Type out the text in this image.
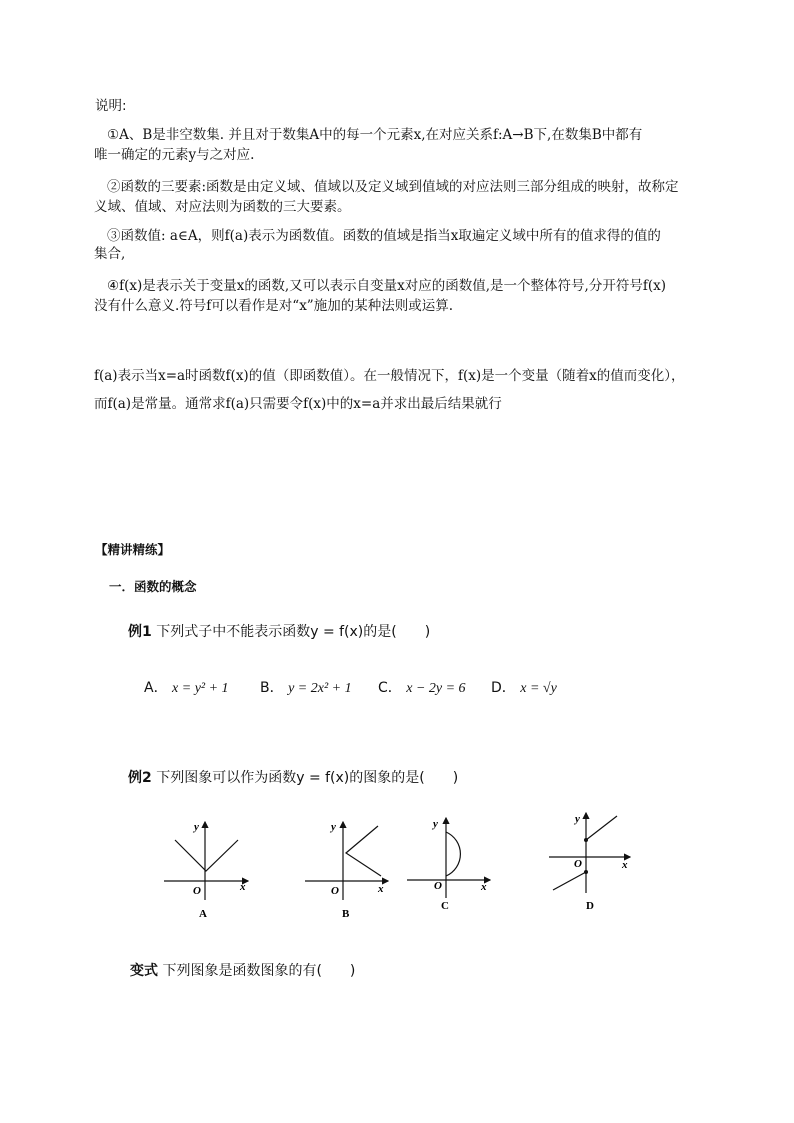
说明:
①A、B是非空数集. 并且对于数集A中的每一个元素x,在对应关系f:A→B下,在数集B中都有
唯一确定的元素y与之对应.
②函数的三要素:函数是由定义域、值域以及定义域到值域的对应法则三部分组成的映射，故称定
义域、值域、对应法则为函数的三大要素。
③函数值: a∈A，则f(a)表示为函数值。函数的值域是指当x取遍定义域中所有的值求得的值的
集合,
④f(x)是表示关于变量x的函数,又可以表示自变量x对应的函数值,是一个整体符号,分开符号f(x)
没有什么意义.符号f可以看作是对“x”施加的某种法则或运算.
f(a)表示当x=a时函数f(x)的值（即函数值）。在一般情况下，f(x)是一个变量（随着x的值而变化），
而f(a)是常量。通常求f(a)只需要令f(x)中的x=a并求出最后结果就行
【精讲精练】
一．函数的概念
例1 下列式子中不能表示函数y = f(x)的是(　　)
A． x = y² + 1 B． y = 2x² + 1 C． x − 2y = 6 D． x = √y
例2 下列图象可以作为函数y = f(x)的图象的是(　　)
x
y
O
A
x
y
O
B
x
y
O
C
x
y
O
D
变式 下列图象是函数图象的有(　　)
